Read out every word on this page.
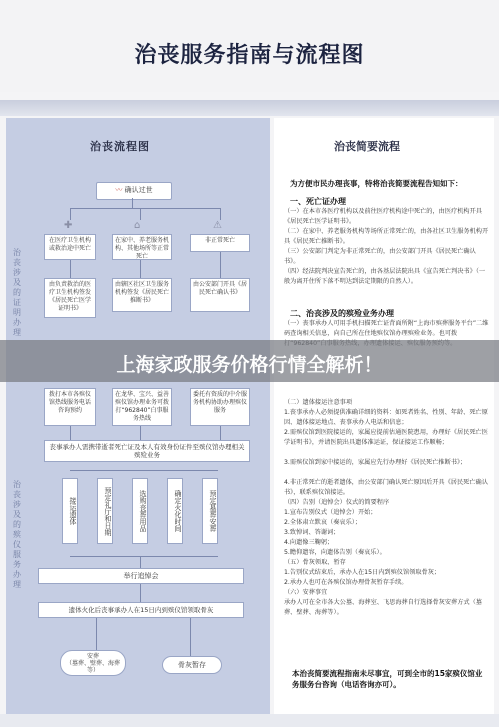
治丧服务指南与流程图
治丧流程图
治丧涉及的证明办理
治丧涉及的殡仪服务办理
〰 确认过世
✚	⌂	⚠
在医疗卫生机构或救治途中死亡
在家中、养老服务机构、其他场所等正常死亡
非正常死亡
由负责救治的医疗卫生机构签发《居民死亡医学证明书》
由辖区社区卫生服务机构签发《居民死亡推断书》
由公安部门开具《居民死亡确认书》
拨打本市各殡仪馆热线服务电话咨询预约
在龙华、宝兴、益善殡仪馆办理业务可拨打“962840”白事服务热线
委托有资质的中介服务机构协助办理殡仪服务
丧事承办人需携带逝者死亡证及本人有效身份证件至殡仪馆办理相关殡殓业务
接运遗体	预定礼厅和日期	选购丧葬用品	确定火化时间	预定墓葬安葬
举行追悼会
遗体火化后丧事承办人在15日内到殡仪馆领取骨灰
安葬
（墓葬、壁葬、海葬等）
骨灰暂存
治丧简要流程
为方便市民办理丧事，特将治丧简要流程告知如下：
一、死亡证办理
（一）在本市各医疗机构以及前往医疗机构途中死亡的，由医疗机构开具《居民死亡医学证明书》。
（二）在家中、养老服务机构等场所正常死亡的，由各社区卫生服务机构开具《居民死亡推断书》。
（三）公安部门判定为非正常死亡的，由公安部门开具《居民死亡确认书》。
（四）经法院判决宣告死亡的，由各基层法院出具《宣告死亡判决书》（一般为离开住所下落不明达到法定期限的自然人）。
二、治丧涉及的殡殓业务办理
（一）丧事承办人可用手机扫描死亡证背面所附“上海市殡葬服务平台”二维码查询相关信息，向自己所在住地殡仪馆办理殡殓业务。也可拨
（二）遗体接运注意事项
1.丧事承办人必须提供准确详细的资料：如死者姓名、性别、年龄、死亡原因、遗体接运地点、丧事承办人电话和信息；
2.需殡仪馆到医院接运的，家属应提前估通医院患用，办理好《居民死亡医学证明书》，并请医院出具遗体准运证，保证接运工作顺畅；
3.需殡仪馆到家中接运的，家属应先行办理好《居民死亡推断书》；
4.非正常死亡的逝者遗体，由公安部门确认死亡原因后开具《居民死亡确认书》，联系殡仪馆接运。
（四）告别（追悼会）仪式的简要程序
1.宣布告别仪式（追悼会）开始；
2.全体肃立默哀（奏哀乐）；
3.致悼词、答谢词；
4.向遗像三鞠躬；
5.瞻仰遗容，向遗体告别（奏哀乐）。
（五）骨灰领取、暂存
1.告别仪式结束后，承办人在15日内到殡仪馆领取骨灰；
2.承办人也可在各殡仪馆办理骨灰暂存手续。
（六）安葬事宜
承办人可在全市各大公墓、海葬室、飞思海葬自行选择骨灰安葬方式（墓葬、壁葬、海葬等）。
本治丧简要流程指南未尽事宜，可到全市的15家殡仪馆业务服务台咨询（电话咨询亦可）。
上海家政服务价格行情全解析！
